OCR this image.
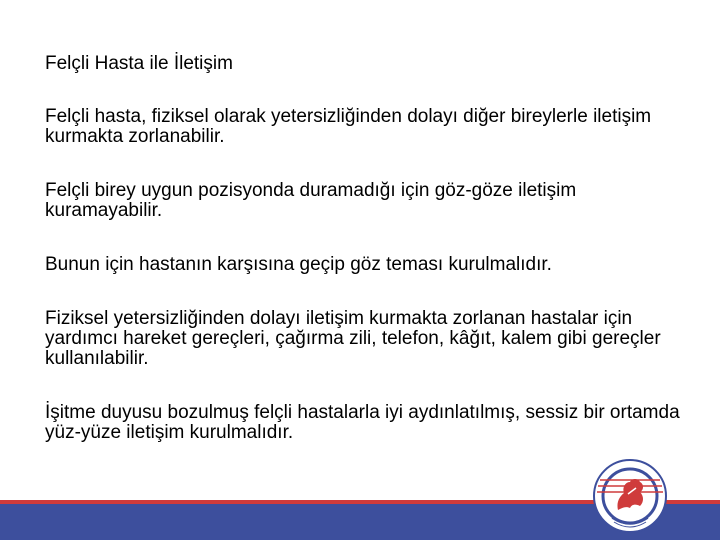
Felçli Hasta ile İletişim

Felçli hasta, fiziksel olarak yetersizliğinden dolayı diğer bireylerle iletişim kurmakta zorlanabilir.

Felçli birey uygun pozisyonda duramadığı için göz-göze iletişim kuramayabilir.

Bunun için hastanın karşısına geçip göz teması kurulmalıdır.

Fiziksel yetersizliğinden dolayı iletişim kurmakta zorlanan hastalar için yardımcı hareket gereçleri, çağırma zili, telefon, kâğıt, kalem gibi gereçler kullanılabilir.

İşitme duyusu bozulmuş felçli hastalarla iyi aydınlatılmış, sessiz bir ortamda yüz-yüze iletişim kurulmalıdır.
